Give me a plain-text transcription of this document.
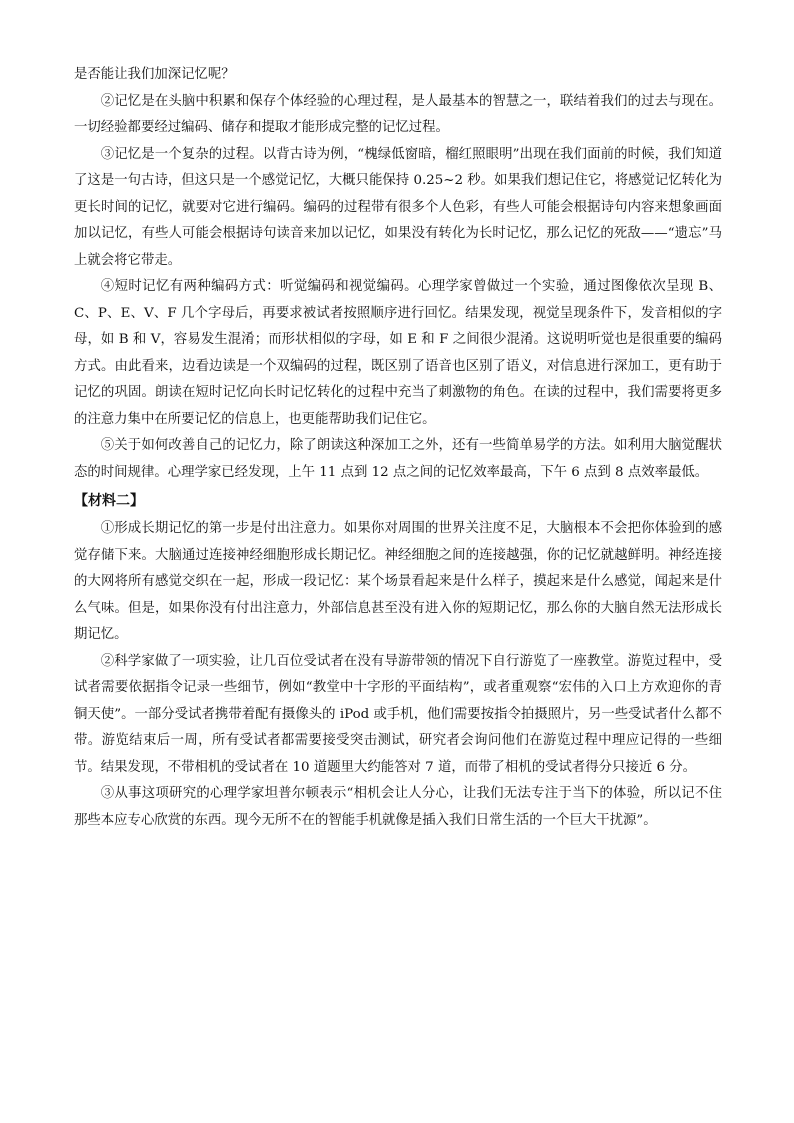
是否能让我们加深记忆呢？

②记忆是在头脑中积累和保存个体经验的心理过程，是人最基本的智慧之一，联结着我们的过去与现在。一切经验都要经过编码、储存和提取才能形成完整的记忆过程。

③记忆是一个复杂的过程。以背古诗为例，“槐绿低窗暗，榴红照眼明”出现在我们面前的时候，我们知道了这是一句古诗，但这只是一个感觉记忆，大概只能保持 0.25~2 秒。如果我们想记住它，将感觉记忆转化为更长时间的记忆，就要对它进行编码。编码的过程带有很多个人色彩，有些人可能会根据诗句内容来想象画面加以记忆，有些人可能会根据诗句读音来加以记忆，如果没有转化为长时记忆，那么记忆的死敌——“遗忘”马上就会将它带走。

④短时记忆有两种编码方式：听觉编码和视觉编码。心理学家曾做过一个实验，通过图像依次呈现 B、C、P、E、V、F 几个字母后，再要求被试者按照顺序进行回忆。结果发现，视觉呈现条件下，发音相似的字母，如 B 和 V，容易发生混淆；而形状相似的字母，如 E 和 F 之间很少混淆。这说明听觉也是很重要的编码方式。由此看来，边看边读是一个双编码的过程，既区别了语音也区别了语义，对信息进行深加工，更有助于记忆的巩固。朗读在短时记忆向长时记忆转化的过程中充当了刺激物的角色。在读的过程中，我们需要将更多的注意力集中在所要记忆的信息上，也更能帮助我们记住它。

⑤关于如何改善自己的记忆力，除了朗读这种深加工之外，还有一些简单易学的方法。如利用大脑觉醒状态的时间规律。心理学家已经发现，上午 11 点到 12 点之间的记忆效率最高，下午 6 点到 8 点效率最低。

【材料二】

①形成长期记忆的第一步是付出注意力。如果你对周围的世界关注度不足，大脑根本不会把你体验到的感觉存储下来。大脑通过连接神经细胞形成长期记忆。神经细胞之间的连接越强，你的记忆就越鲜明。神经连接的大网将所有感觉交织在一起，形成一段记忆：某个场景看起来是什么样子，摸起来是什么感觉，闻起来是什么气味。但是，如果你没有付出注意力，外部信息甚至没有进入你的短期记忆，那么你的大脑自然无法形成长期记忆。

②科学家做了一项实验，让几百位受试者在没有导游带领的情况下自行游览了一座教堂。游览过程中，受试者需要依据指令记录一些细节，例如“教堂中十字形的平面结构”，或者重观察“宏伟的入口上方欢迎你的青铜天使”。一部分受试者携带着配有摄像头的 iPod 或手机，他们需要按指令拍摄照片，另一些受试者什么都不带。游览结束后一周，所有受试者都需要接受突击测试，研究者会询问他们在游览过程中理应记得的一些细节。结果发现，不带相机的受试者在 10 道题里大约能答对 7 道，而带了相机的受试者得分只接近 6 分。

③从事这项研究的心理学家坦普尔顿表示“相机会让人分心，让我们无法专注于当下的体验，所以记不住那些本应专心欣赏的东西。现今无所不在的智能手机就像是插入我们日常生活的一个巨大干扰源”。
